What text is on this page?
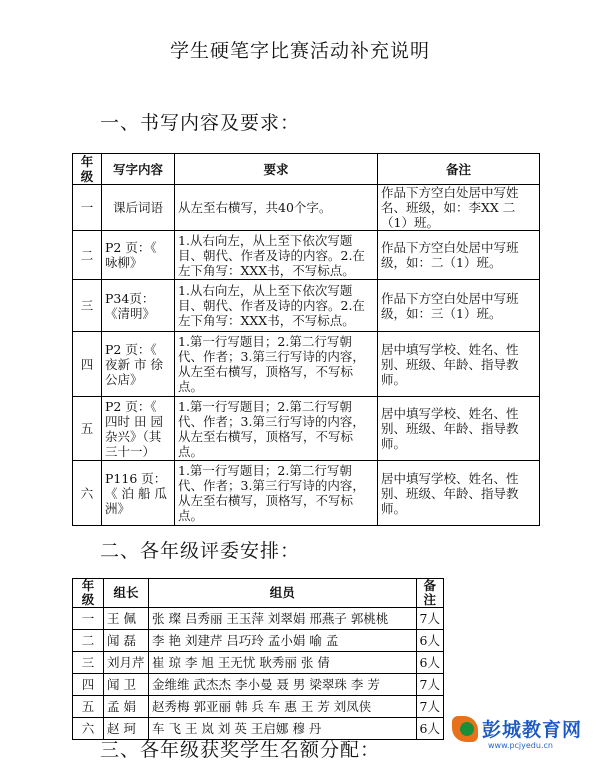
学生硬笔字比赛活动补充说明
一、书写内容及要求：
年级	写字内容	要求	备注
一	课后词语	从左至右横写，共40个字。	作品下方空白处居中写姓名、班级，如：李XX 二（1）班。
二	P2 页：《 咏柳》	1.从右向左，从上至下依次写题目、朝代、作者及诗的内容。2.在左下角写：XXX书，不写标点。	作品下方空白处居中写班级，如：二（1）班。
三	P34页：《清明》	1.从右向左，从上至下依次写题目、朝代、作者及诗的内容。2.在左下角写：XXX书，不写标点。	作品下方空白处居中写班级，如：三（1）班。
四	P2 页：《 夜新 市 徐 公店》	1.第一行写题目；2.第二行写朝代、作者；3.第三行写诗的内容，从左至右横写，顶格写，不写标点。	居中填写学校、姓名、性别、班级、年龄、指导教师。
五	P2 页：《 四时 田 园 杂兴》（其三十一）	1.第一行写题目；2.第二行写朝代、作者；3.第三行写诗的内容，从左至右横写，顶格写，不写标点。	居中填写学校、姓名、性别、班级、年龄、指导教师。
六	P116 页：《 泊 船 瓜洲》	1.第一行写题目；2.第二行写朝代、作者；3.第三行写诗的内容，从左至右横写，顶格写，不写标点。	居中填写学校、姓名、性别、班级、年龄、指导教师。
二、各年级评委安排：
年级	组长	组员	备注
一	王 佩	张 璨 吕秀丽 王玉萍 刘翠娟 邢燕子 郭桃桃	7人
二	闻 磊	李 艳 刘建芹 吕巧玲 孟小娟 喻 孟	6人
三	刘月芹	崔 琼 李 旭 王无忧 耿秀丽 张 倩	6人
四	闻 卫	金维维 武杰杰 李小曼 聂 男 梁翠珠 李 芳	7人
五	孟 娟	赵秀梅 郭亚丽 韩 兵 车 惠 王 芳 刘凤侠	7人
六	赵 珂	车 飞 王 岚 刘 英 王启娜 穆 丹	6人
三、各年级获奖学生名额分配：
彭城教育网
www.pcjyedu.cn
